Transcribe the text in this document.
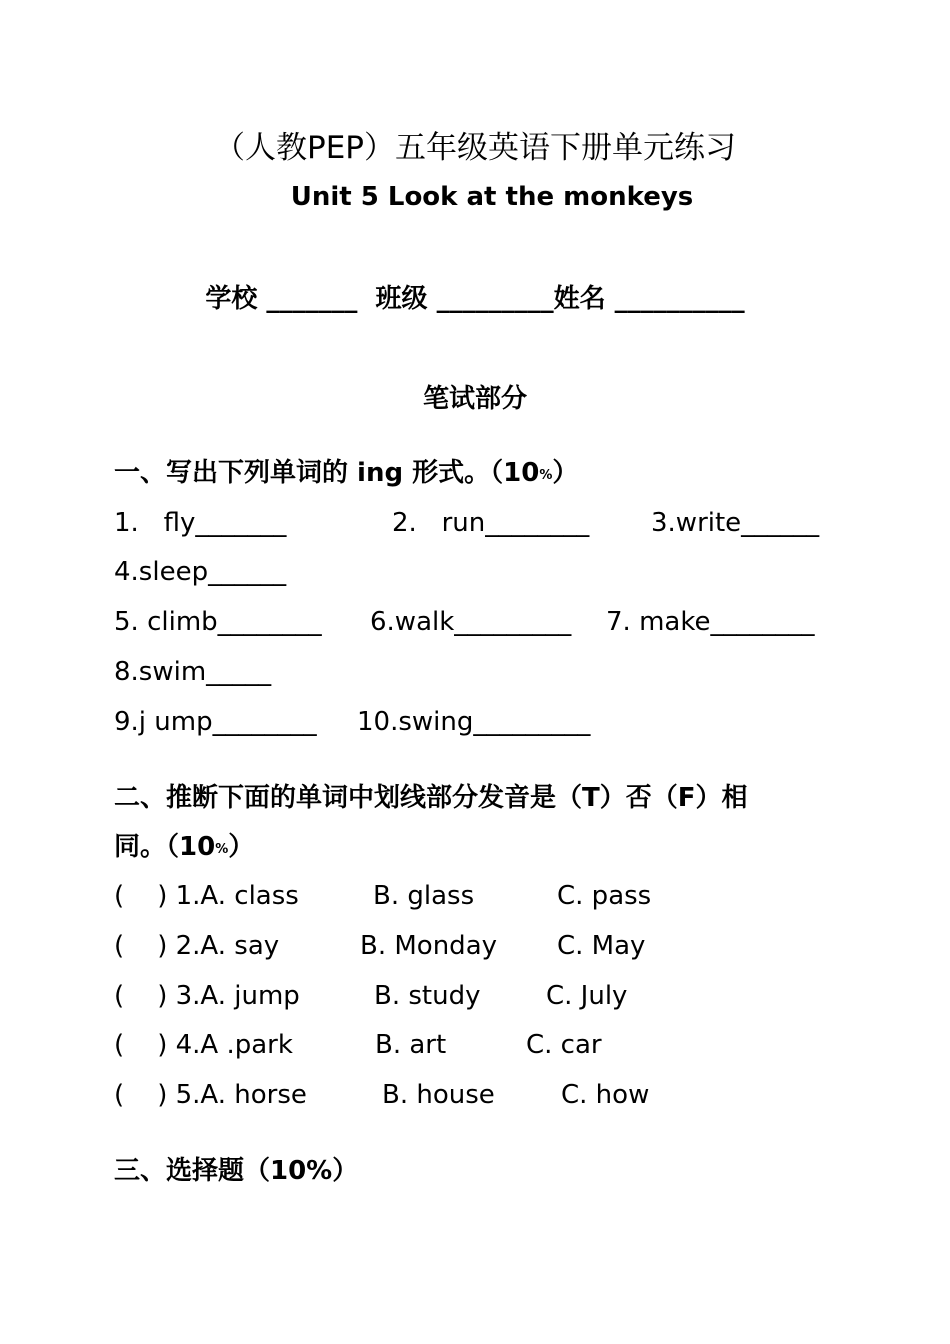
（人教PEP）五年级英语下册单元练习
Unit 5 Look at the monkeys
学校 _______  班级 _________姓名 __________
笔试部分
一、写出下列单词的 ing 形式。（10%）
1.   fly_______	2.   run________ 3.write______
4.sleep______
5. climb________ 6.walk_________ 7. make________
8.swim_____
9.j ump________ 10.swing_________
二、推断下面的单词中划线部分发音是（T）否（F）相
同。（10%）
(    ) 1.A. class	B. glass	C. pass
(    ) 2.A. say	B. Monday C. May
(    ) 3.A. jump	B. study	C. July
(    ) 4.A .park	B. art	C. car
(    ) 5.A. horse	B. house	C. how
三、选择题（10%）
